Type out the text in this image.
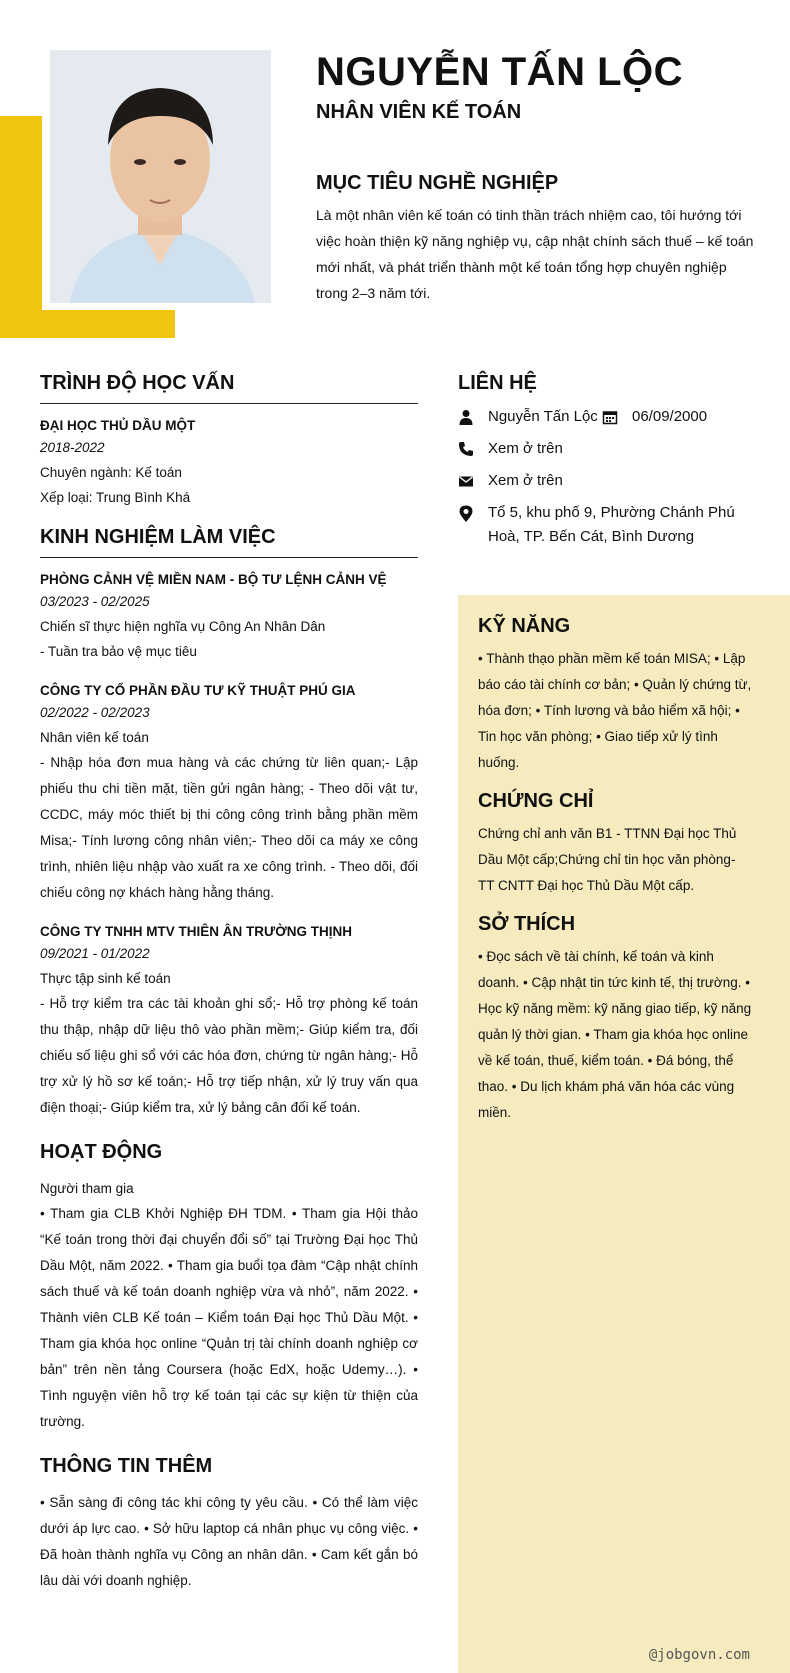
NGUYỄN TẤN LỘC
NHÂN VIÊN KẾ TOÁN
MỤC TIÊU NGHỀ NGHIỆP
Là một nhân viên kế toán có tinh thần trách nhiệm cao, tôi hướng tới việc hoàn thiện kỹ năng nghiệp vụ, cập nhật chính sách thuế – kế toán mới nhất, và phát triển thành một kế toán tổng hợp chuyên nghiệp trong 2–3 năm tới.
TRÌNH ĐỘ HỌC VẤN
ĐẠI HỌC THỦ DẦU MỘT
2018-2022
Chuyên ngành: Kế toán
Xếp loại: Trung Bình Khá
KINH NGHIỆM LÀM VIỆC
PHÒNG CẢNH VỆ MIỀN NAM - BỘ TƯ LỆNH CẢNH VỆ
03/2023 - 02/2025
Chiến sĩ thực hiện nghĩa vụ Công An Nhân Dân
- Tuần tra bảo vệ mục tiêu
CÔNG TY CỔ PHẦN ĐẦU TƯ KỸ THUẬT PHÚ GIA
02/2022 - 02/2023
Nhân viên kế toán
- Nhập hóa đơn mua hàng và các chứng từ liên quan;- Lập phiếu thu chi tiền mặt, tiền gửi ngân hàng; - Theo dõi vật tư, CCDC, máy móc thiết bị thi công công trình bằng phần mềm Misa;- Tính lương công nhân viên;- Theo dõi ca máy xe công trình, nhiên liệu nhập vào xuất ra xe công trình. - Theo dõi, đối chiếu công nợ khách hàng hằng tháng.
CÔNG TY TNHH MTV THIÊN ÂN TRƯỜNG THỊNH
09/2021 - 01/2022
Thực tập sinh kế toán
- Hỗ trợ kiểm tra các tài khoản ghi sổ;- Hỗ trợ phòng kế toán thu thập, nhập dữ liệu thô vào phần mềm;- Giúp kiểm tra, đối chiếu số liệu ghi sổ với các hóa đơn, chứng từ ngân hàng;- Hỗ trợ xử lý hồ sơ kế toán;- Hỗ trợ tiếp nhận, xử lý truy vấn qua điện thoại;- Giúp kiểm tra, xử lý bảng cân đối kế toán.
HOẠT ĐỘNG
Người tham gia
• Tham gia CLB Khởi Nghiệp ĐH TDM. • Tham gia Hội thảo “Kế toán trong thời đại chuyển đổi số” tại Trường Đại học Thủ Dầu Một, năm 2022. • Tham gia buổi tọa đàm “Cập nhật chính sách thuế và kế toán doanh nghiệp vừa và nhỏ”, năm 2022. • Thành viên CLB Kế toán – Kiểm toán Đại học Thủ Dầu Một. • Tham gia khóa học online “Quản trị tài chính doanh nghiệp cơ bản” trên nền tảng Coursera (hoặc EdX, hoặc Udemy…). • Tình nguyện viên hỗ trợ kế toán tại các sự kiện từ thiện của trường.
THÔNG TIN THÊM
• Sẵn sàng đi công tác khi công ty yêu cầu. • Có thể làm việc dưới áp lực cao. • Sở hữu laptop cá nhân phục vụ công việc. • Đã hoàn thành nghĩa vụ Công an nhân dân. • Cam kết gắn bó lâu dài với doanh nghiệp.
LIÊN HỆ
Nguyễn Tấn Lộc 06/09/2000
Xem ở trên
Xem ở trên
Tổ 5, khu phố 9, Phường Chánh Phú Hoà, TP. Bến Cát, Bình Dương
KỸ NĂNG
• Thành thạo phần mềm kế toán MISA; • Lập báo cáo tài chính cơ bản; • Quản lý chứng từ, hóa đơn; • Tính lương và bảo hiểm xã hội; • Tin học văn phòng; • Giao tiếp xử lý tình huống.
CHỨNG CHỈ
Chứng chỉ anh văn B1 - TTNN Đại học Thủ Dầu Một cấp;Chứng chỉ tin học văn phòng- TT CNTT Đại học Thủ Dầu Một cấp.
SỞ THÍCH
• Đọc sách về tài chính, kế toán và kinh doanh. • Cập nhật tin tức kinh tế, thị trường. • Học kỹ năng mềm: kỹ năng giao tiếp, kỹ năng quản lý thời gian. • Tham gia khóa học online về kế toán, thuế, kiểm toán. • Đá bóng, thể thao. • Du lịch khám phá văn hóa các vùng miền.
@jobgovn.com
